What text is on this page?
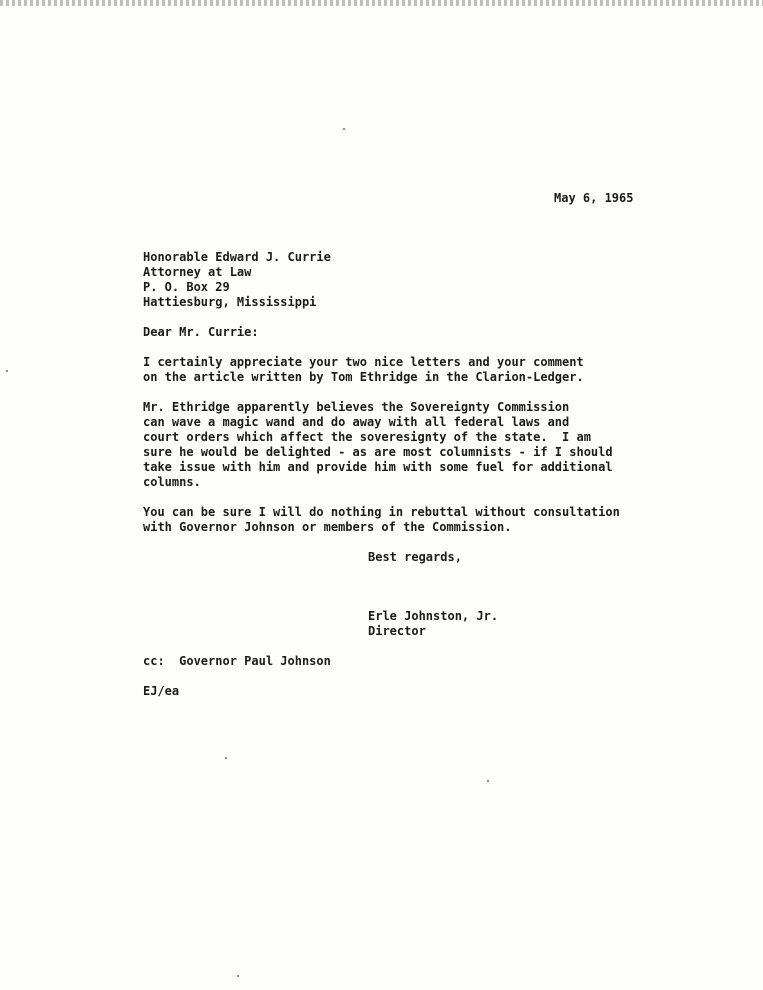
May 6, 1965
Honorable Edward J. Currie
Attorney at Law
P. O. Box 29
Hattiesburg, Mississippi
Dear Mr. Currie:
I certainly appreciate your two nice letters and your comment
on the article written by Tom Ethridge in the Clarion-Ledger.
Mr. Ethridge apparently believes the Sovereignty Commission
can wave a magic wand and do away with all federal laws and
court orders which affect the soveresignty of the state.  I am
sure he would be delighted - as are most columnists - if I should
take issue with him and provide him with some fuel for additional
columns.
You can be sure I will do nothing in rebuttal without consultation
with Governor Johnson or members of the Commission.
Best regards,
Erle Johnston, Jr.
Director
cc:  Governor Paul Johnson
EJ/ea
